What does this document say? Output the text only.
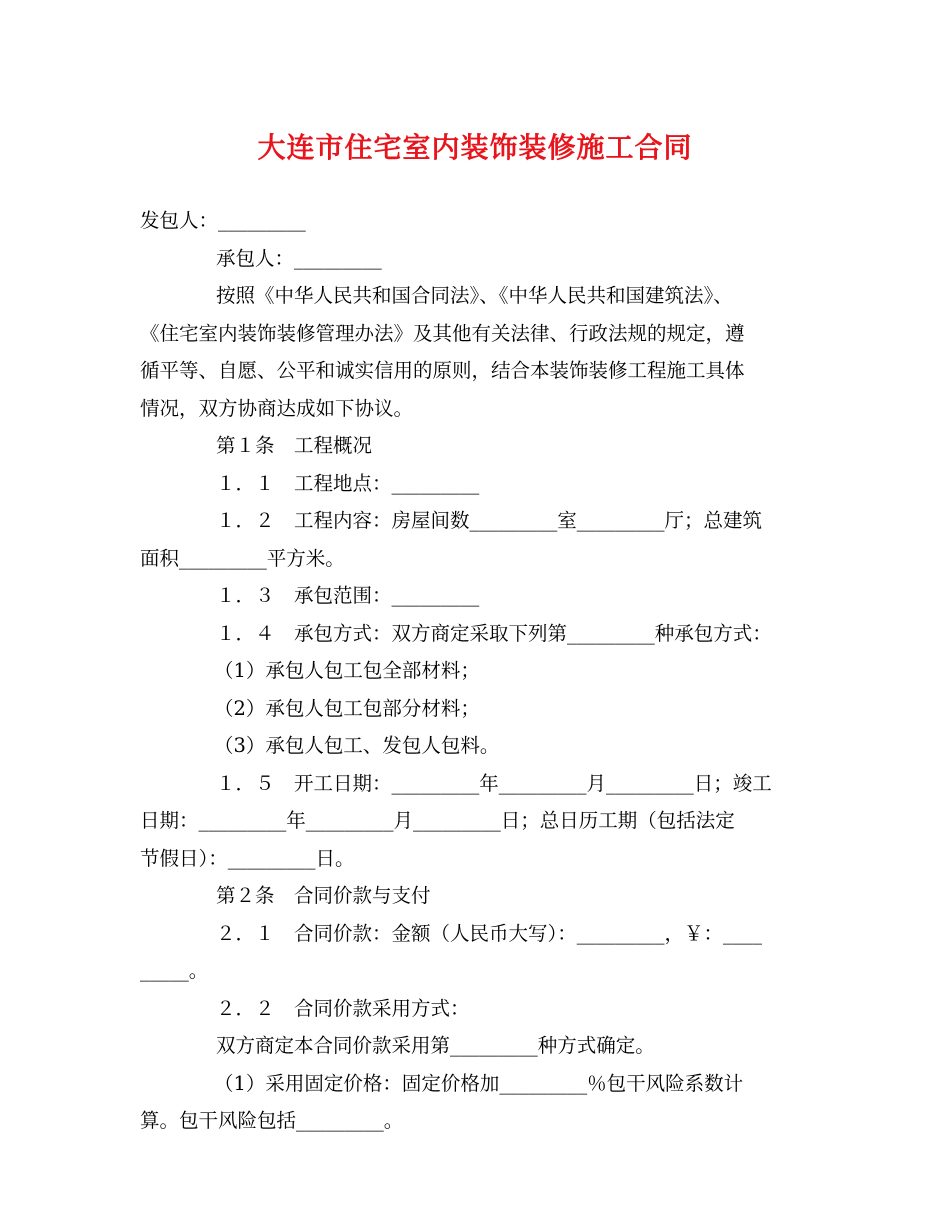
大连市住宅室内装饰装修施工合同
发包人：_________
承包人：_________
按照《中华人民共和国合同法》、《中华人民共和国建筑法》、
《住宅室内装饰装修管理办法》及其他有关法律、行政法规的规定，遵
循平等、自愿、公平和诚实信用的原则，结合本装饰装修工程施工具体
情况，双方协商达成如下协议。
第１条　工程概况
１．１　工程地点：_________
１．２　工程内容：房屋间数_________室_________厅；总建筑
面积_________平方米。
１．３　承包范围：_________
１．４　承包方式：双方商定采取下列第_________种承包方式：
（1）承包人包工包全部材料；
（2）承包人包工包部分材料；
（3）承包人包工、发包人包料。
１．５　开工日期：_________年_________月_________日；竣工
日期：_________年_________月_________日；总日历工期（包括法定
节假日）：_________日。
第２条　合同价款与支付
２．１　合同价款：金额（人民币大写）：_________，￥：____
_____。
２．２　合同价款采用方式：
双方商定本合同价款采用第_________种方式确定。
（1）采用固定价格：固定价格加_________％包干风险系数计
算。包干风险包括_________。
